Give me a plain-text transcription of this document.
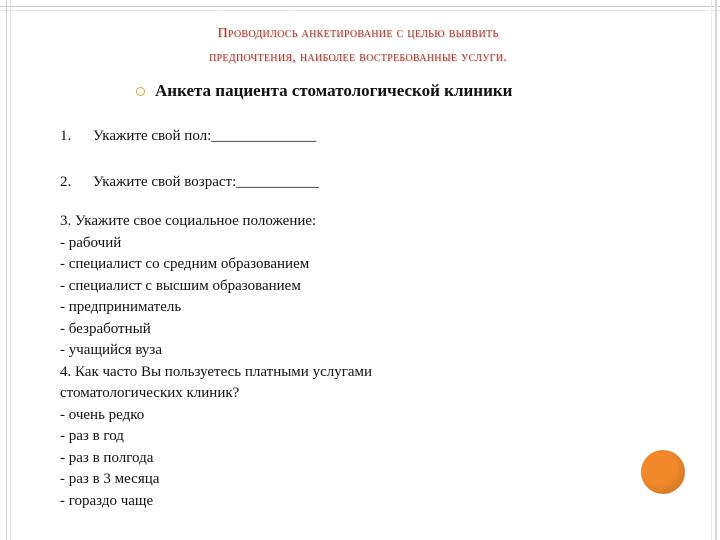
Проводилось анкетирование с целью выявить
предпочтения, наиболее востребованные услуги.
Анкета пациента стоматологической клиники
1. Укажите свой пол:______________
2. Укажите свой возраст:___________
3. Укажите свое социальное положение:
- рабочий
- специалист со средним образованием
- специалист с высшим образованием
- предприниматель
- безработный
- учащийся вуза
4. Как часто Вы пользуетесь платными услугами
стоматологических клиник?
- очень редко
- раз в год
- раз в полгода
- раз в 3 месяца
- гораздо чаще
